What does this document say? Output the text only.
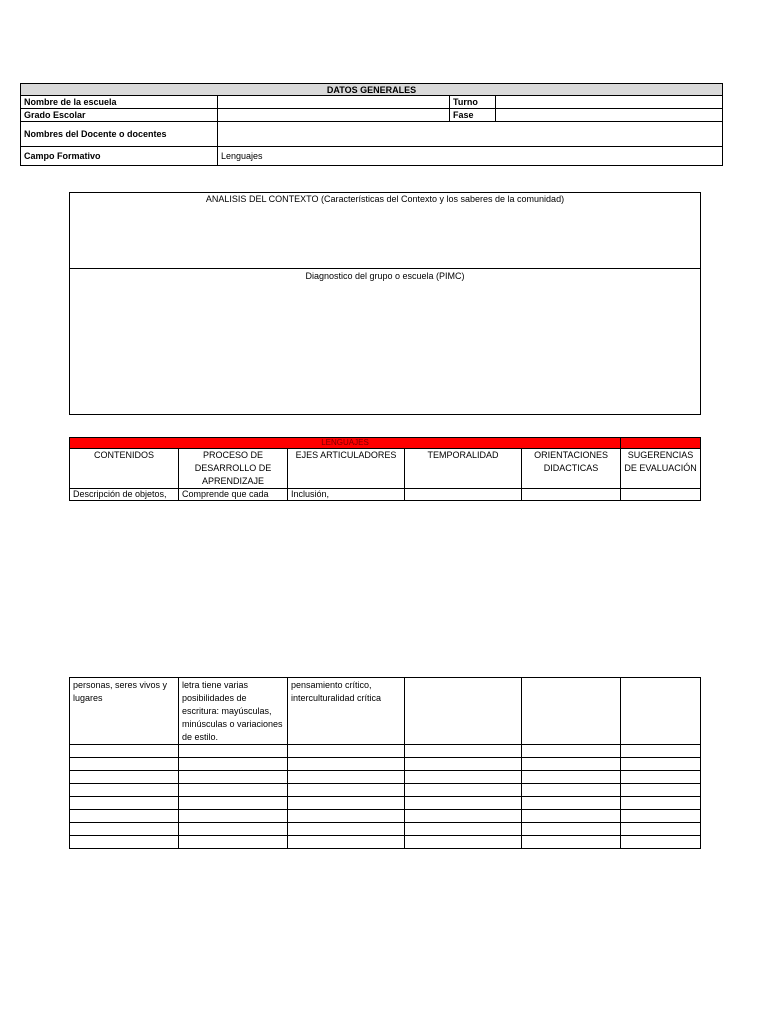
DATOS GENERALES			
Nombre de la escuela		Turno	
Grado Escolar		Fase	
Nombres del Docente o docentes			
Campo Formativo	Lenguajes		
ANALISIS DEL CONTEXTO (Características del Contexto y los saberes de la comunidad)
Diagnostico del grupo o escuela (PIMC)
LENGUAJES					
CONTENIDOS	PROCESO DE DESARROLLO DE APRENDIZAJE	EJES ARTICULADORES	TEMPORALIDAD	ORIENTACIONES DIDACTICAS	SUGERENCIAS DE EVALUACIÓN
Descripción de objetos,	Comprende que cada	Inclusión,			
personas, seres vivos y lugares	letra tiene varias posibilidades de escritura: mayúsculas, minúsculas o variaciones de estilo.	pensamiento crítico, interculturalidad crítica			
